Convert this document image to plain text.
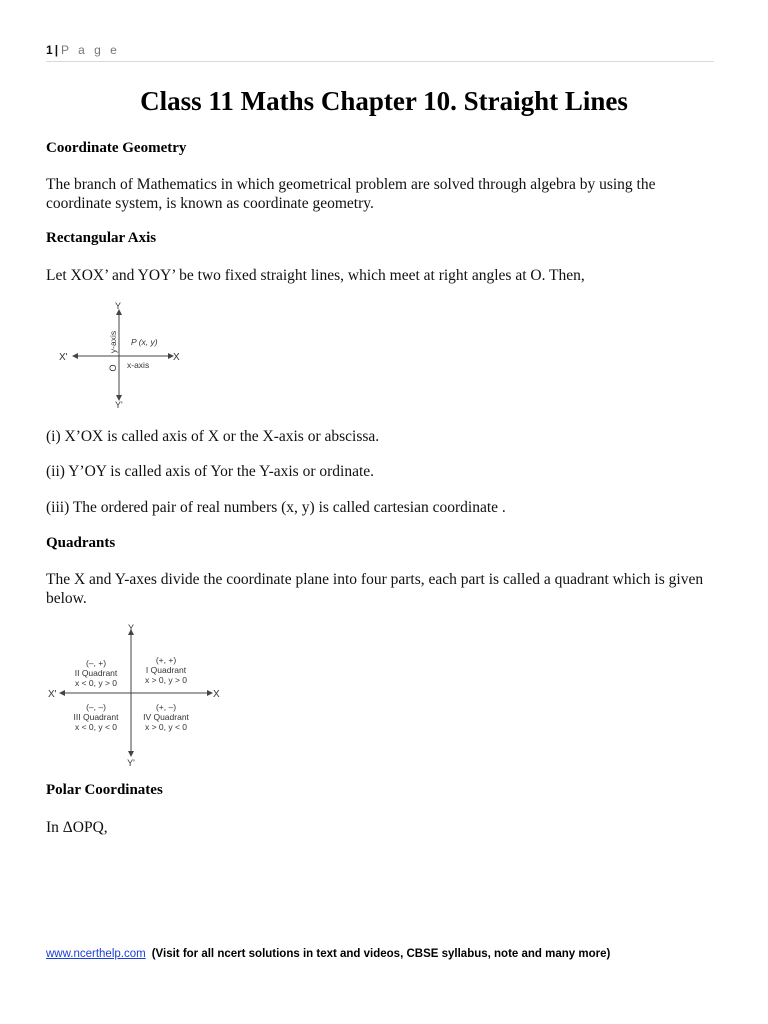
1 | P a g e
Class 11 Maths Chapter 10. Straight Lines
Coordinate Geometry

The branch of Mathematics in which geometrical problem are solved through algebra by using the coordinate system, is known as coordinate geometry.

Rectangular Axis

Let XOX’ and YOY’ be two fixed straight lines, which meet at right angles at O. Then,

Y
Y'
X
X'
O
y-axis
x-axis
P (x, y)

(i) X’OX is called axis of X or the X-axis or abscissa.

(ii) Y’OY is called axis of Yor the Y-axis or ordinate.

(iii) The ordered pair of real numbers (x, y) is called cartesian coordinate .

Quadrants

The X and Y-axes divide the coordinate plane into four parts, each part is called a quadrant which is given below.

Y
Y'
X
X'
(+, +)
I Quadrant
x > 0, y > 0
(–, +)
II Quadrant
x < 0, y > 0
(–, –)
III Quadrant
x < 0, y < 0
(+, –)
IV Quadrant
x > 0, y < 0
Polar Coordinates

In ΔOPQ,

www.ncerthelp.com (Visit for all ncert solutions in text and videos, CBSE syllabus, note and many more)
